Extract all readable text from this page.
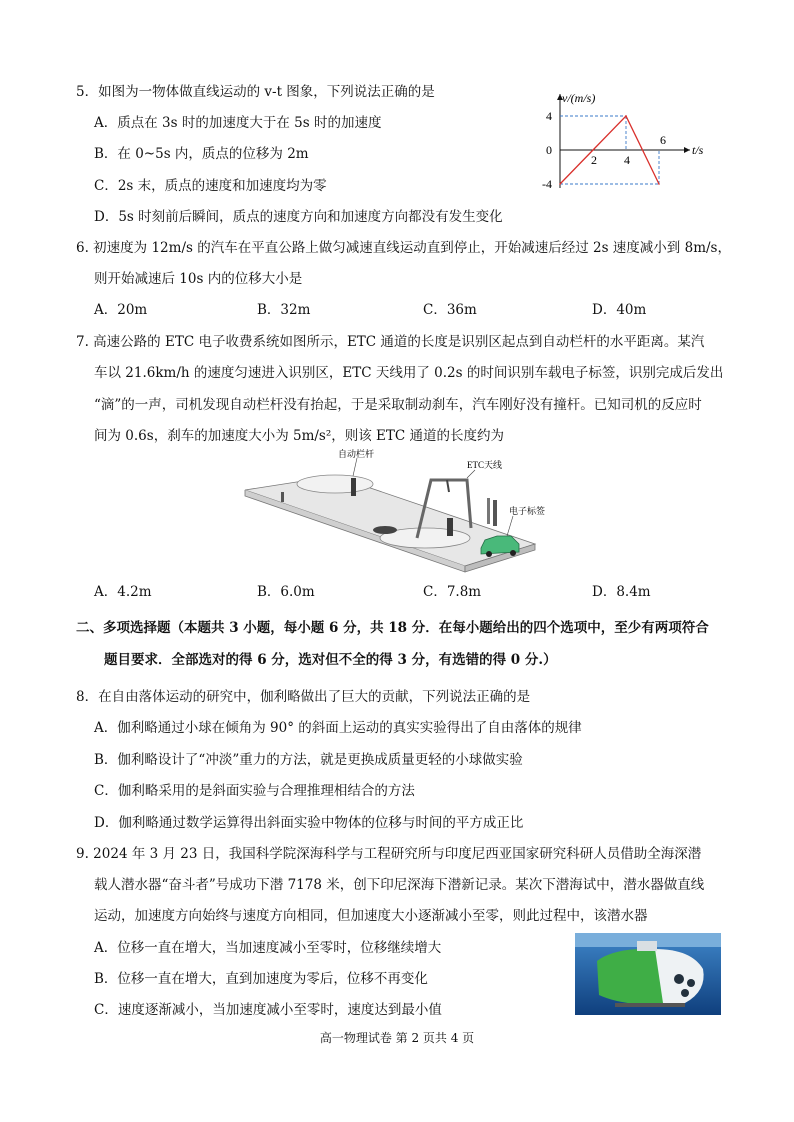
5．如图为一物体做直线运动的 v-t 图象，下列说法正确的是
A．质点在 3s 时的加速度大于在 5s 时的加速度
B．在 0~5s 内，质点的位移为 2m
C．2s 末，质点的速度和加速度均为零
D．5s 时刻前后瞬间，质点的速度方向和加速度方向都没有发生变化
v/(m/s)
t/s
4
0
-4
2 4
6
6. 初速度为 12m/s 的汽车在平直公路上做匀减速直线运动直到停止，开始减速后经过 2s 速度减小到 8m/s，
则开始减速后 10s 内的位移大小是
A．20m	B．32m	C．36m	D．40m
7. 高速公路的 ETC 电子收费系统如图所示，ETC 通道的长度是识别区起点到自动栏杆的水平距离。某汽
车以 21.6km/h 的速度匀速进入识别区，ETC 天线用了 0.2s 的时间识别车载电子标签，识别完成后发出
“滴”的一声，司机发现自动栏杆没有抬起，于是采取制动刹车，汽车刚好没有撞杆。已知司机的反应时
间为 0.6s，刹车的加速度大小为 5m/s²，则该 ETC 通道的长度约为
自动栏杆
ETC天线
电子标签
A．4.2m	B．6.0m	C．7.8m	D．8.4m
二、多项选择题（本题共 3 小题，每小题 6 分，共 18 分．在每小题给出的四个选项中，至少有两项符合
题目要求．全部选对的得 6 分，选对但不全的得 3 分，有选错的得 0 分.）
8．在自由落体运动的研究中，伽利略做出了巨大的贡献，下列说法正确的是
A．伽利略通过小球在倾角为 90° 的斜面上运动的真实实验得出了自由落体的规律
B．伽利略设计了“冲淡”重力的方法，就是更换成质量更轻的小球做实验
C．伽利略采用的是斜面实验与合理推理相结合的方法
D．伽利略通过数学运算得出斜面实验中物体的位移与时间的平方成正比
9. 2024 年 3 月 23 日，我国科学院深海科学与工程研究所与印度尼西亚国家研究科研人员借助全海深潜
载人潜水器“奋斗者”号成功下潜 7178 米，创下印尼深海下潜新记录。某次下潜海试中，潜水器做直线
运动，加速度方向始终与速度方向相同，但加速度大小逐渐减小至零，则此过程中，该潜水器
A．位移一直在增大，当加速度减小至零时，位移继续增大
B．位移一直在增大，直到加速度为零后，位移不再变化
C．速度逐渐减小，当加速度减小至零时，速度达到最小值
高一物理试卷 第 2 页共 4 页
